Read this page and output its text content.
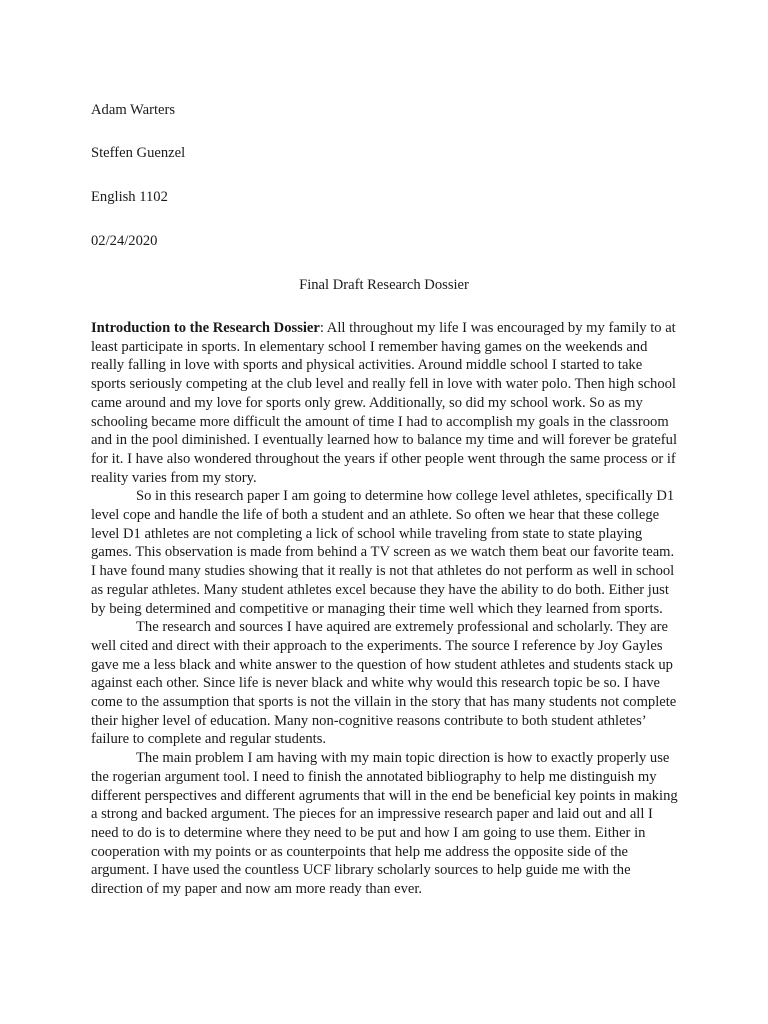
Adam Warters
Steffen Guenzel
English 1102
02/24/2020
Final Draft Research Dossier

Introduction to the Research Dossier: All throughout my life I was encouraged by my family to at least participate in sports. In elementary school I remember having games on the weekends and really falling in love with sports and physical activities. Around middle school I started to take sports seriously competing at the club level and really fell in love with water polo. Then high school came around and my love for sports only grew. Additionally, so did my school work. So as my schooling became more difficult the amount of time I had to accomplish my goals in the classroom and in the pool diminished. I eventually learned how to balance my time and will forever be grateful for it. I have also wondered throughout the years if other people went through the same process or if reality varies from my story.

So in this research paper I am going to determine how college level athletes, specifically D1 level cope and handle the life of both a student and an athlete. So often we hear that these college level D1 athletes are not completing a lick of school while traveling from state to state playing games. This observation is made from behind a TV screen as we watch them beat our favorite team. I have found many studies showing that it really is not that athletes do not perform as well in school as regular athletes. Many student athletes excel because they have the ability to do both. Either just by being determined and competitive or managing their time well which they learned from sports.

The research and sources I have aquired are extremely professional and scholarly. They are well cited and direct with their approach to the experiments. The source I reference by Joy Gayles gave me a less black and white answer to the question of how student athletes and students stack up against each other. Since life is never black and white why would this research topic be so. I have come to the assumption that sports is not the villain in the story that has many students not complete their higher level of education. Many non-cognitive reasons contribute to both student athletes’ failure to complete and regular students.

The main problem I am having with my main topic direction is how to exactly properly use the rogerian argument tool. I need to finish the annotated bibliography to help me distinguish my different perspectives and different agruments that will in the end be beneficial key points in making a strong and backed argument. The pieces for an impressive research paper and laid out and all I need to do is to determine where they need to be put and how I am going to use them. Either in cooperation with my points or as counterpoints that help me address the opposite side of the argument. I have used the countless UCF library scholarly sources to help guide me with the direction of my paper and now am more ready than ever.
